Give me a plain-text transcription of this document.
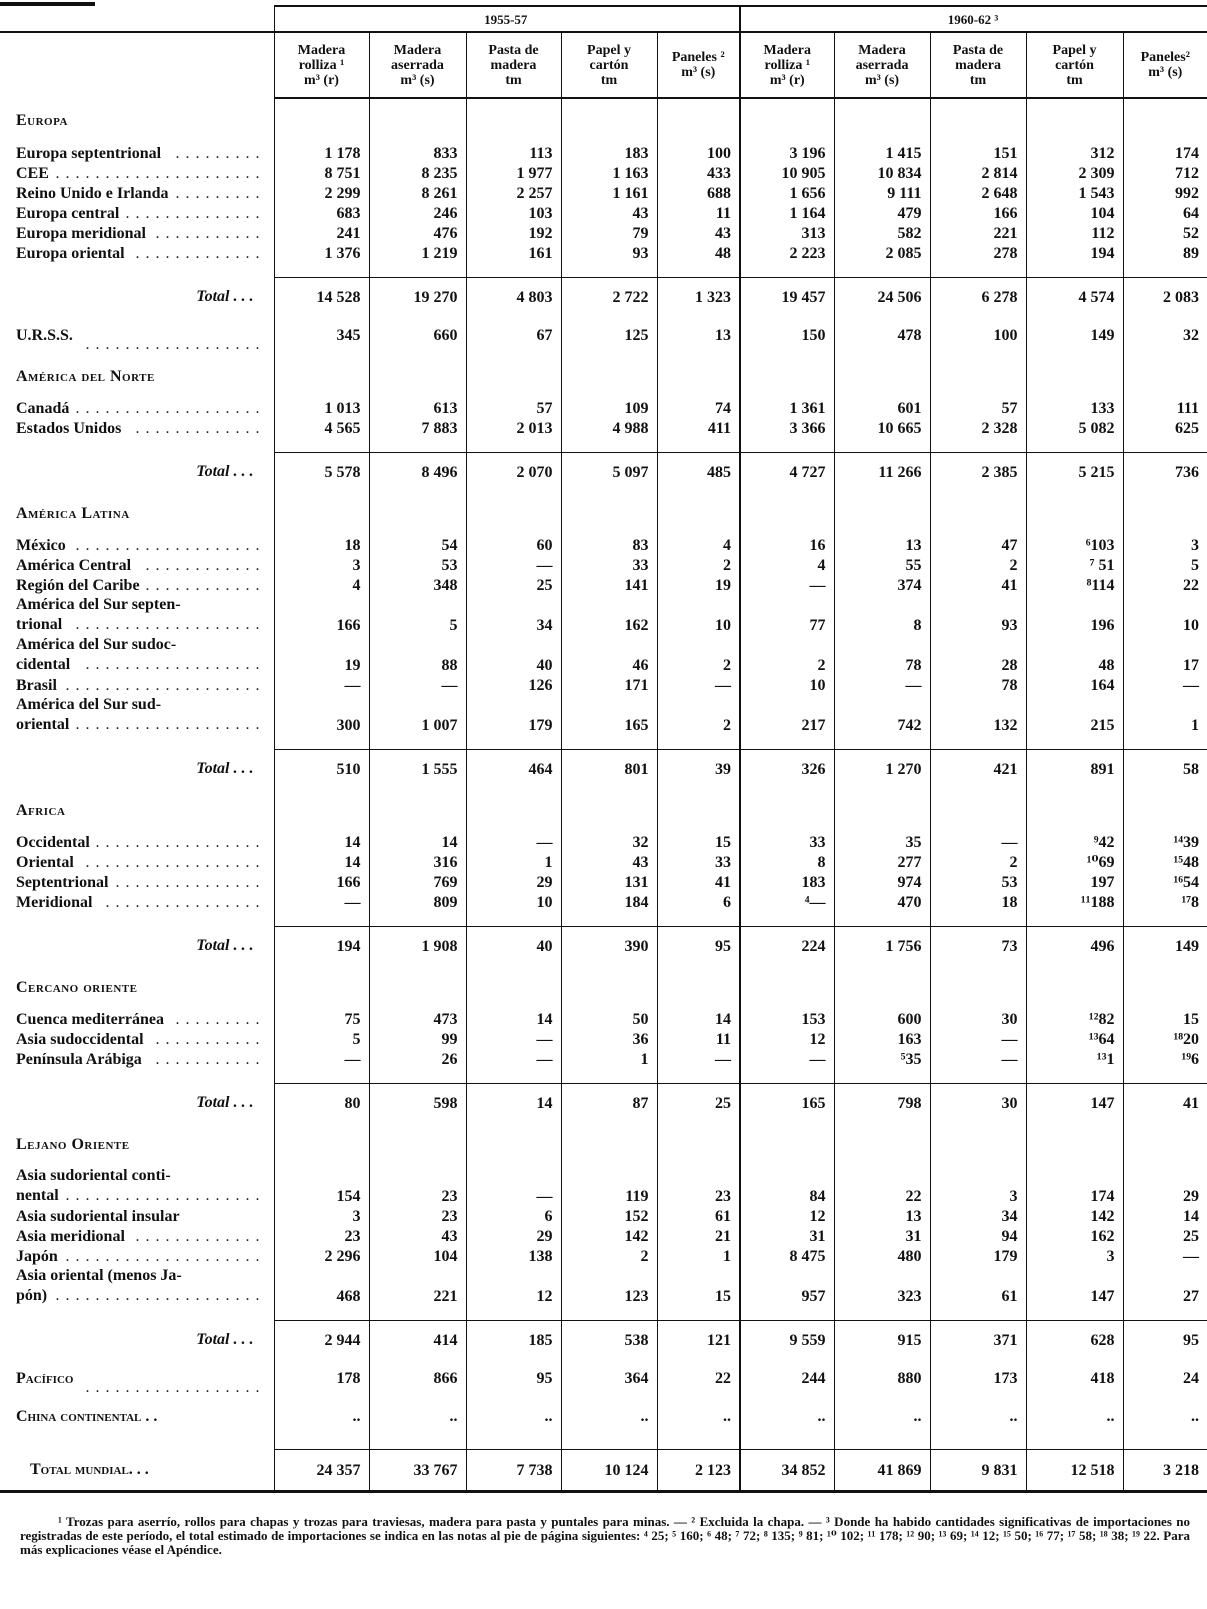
	1955-57					1960-62 ³				
	Madera
rolliza ¹
m³ (r)	Madera
aserrada
m³ (s)	Pasta de
madera
tm	Papel y
cartón
tm	Paneles ²
m³ (s)	Madera
rolliza ¹
m³ (r)	Madera
aserrada
m³ (s)	Pasta de
madera
tm	Papel y
cartón
tm	Paneles²
m³ (s)
Europa										
Europa septentrional .........	1 178	833	113	183	100	3 196	1 415	151	312	174
CEE .....................	8 751	8 235	1 977	1 163	433	10 905	10 834	2 814	2 309	712
Reino Unido e Irlanda .........	2 299	8 261	2 257	1 161	688	1 656	9 111	2 648	1 543	992
Europa central ..............	683	246	103	43	11	1 164	479	166	104	64
Europa meridional ...........	241	476	192	79	43	313	582	221	112	52
Europa oriental .............	1 376	1 219	161	93	48	2 223	2 085	278	194	89

Total . . .	14 528	19 270	4 803	2 722	1 323	19 457	24 506	6 278	4 574	2 083
U.R.S.S.
..................	345	660	67	125	13	150	478	100	149	32
América del Norte										
Canadá ...................	1 013	613	57	109	74	1 361	601	57	133	111
Estados Unidos .............	4 565	7 883	2 013	4 988	411	3 366	10 665	2 328	5 082	625

Total . . .	5 578	8 496	2 070	5 097	485	4 727	11 266	2 385	5 215	736
América Latina										
México ...................	18	54	60	83	4	16	13	47	⁶103	3
América Central ............	3	53	—	33	2	4	55	2	⁷ 51	5
Región del Caribe ............	4	348	25	141	19	—	374	41	⁸114	22
América del Sur septen-
trional ...................	166	5	34	162	10	77	8	93	196	10
América del Sur sudoc-
cidental ..................	19	88	40	46	2	2	78	28	48	17
Brasil ....................	—	—	126	171	—	10	—	78	164	—
América del Sur sud-
oriental ...................	300	1 007	179	165	2	217	742	132	215	1

Total . . .	510	1 555	464	801	39	326	1 270	421	891	58
Africa										
Occidental .................	14	14	—	32	15	33	35	—	⁹42	¹⁴39
Oriental ..................	14	316	1	43	33	8	277	2	¹⁰69	¹⁵48
Septentrional ...............	166	769	29	131	41	183	974	53	197	¹⁶54
Meridional ................	—	809	10	184	6	⁴—	470	18	¹¹188	¹⁷8

Total . . .	194	1 908	40	390	95	224	1 756	73	496	149
Cercano oriente										
Cuenca mediterránea .........	75	473	14	50	14	153	600	30	¹²82	15
Asia sudoccidental ...........	5	99	—	36	11	12	163	—	¹³64	¹⁸20
Península Arábiga ...........	—	26	—	1	—	—	⁵35	—	¹³1	¹⁹6

Total . . .	80	598	14	87	25	165	798	30	147	41
Lejano Oriente										
Asia sudoriental conti-
nental ....................	154	23	—	119	23	84	22	3	174	29
Asia sudoriental insular	3	23	6	152	61	12	13	34	142	14
Asia meridional .............	23	43	29	142	21	31	31	94	162	25
Japón ....................	2 296	104	138	2	1	8 475	480	179	3	—
Asia oriental (menos Ja-
pón) .....................	468	221	12	123	15	957	323	61	147	27

Total . . .	2 944	414	185	538	121	9 559	915	371	628	95
Pacífico
..................	178	866	95	364	22	244	880	173	418	24
China continental . .	..	..	..	..	..	..	..	..	..	..

Total mundial. . .	24 357	33 767	7 738	10 124	2 123	34 852	41 869	9 831	12 518	3 218
¹ Trozas para aserrío, rollos para chapas y trozas para traviesas, madera para pasta y puntales para minas. — ² Excluida la chapa. — ³ Donde ha habido cantidades significativas de importaciones no registradas de este período, el total estimado de importaciones se indica en las notas al pie de página siguientes: ⁴ 25; ⁵ 160; ⁶ 48; ⁷ 72; ⁸ 135; ⁹ 81; ¹⁰ 102; ¹¹ 178; ¹² 90; ¹³ 69; ¹⁴ 12; ¹⁵ 50; ¹⁶ 77; ¹⁷ 58; ¹⁸ 38; ¹⁹ 22. Para más explicaciones véase el Apéndice.
